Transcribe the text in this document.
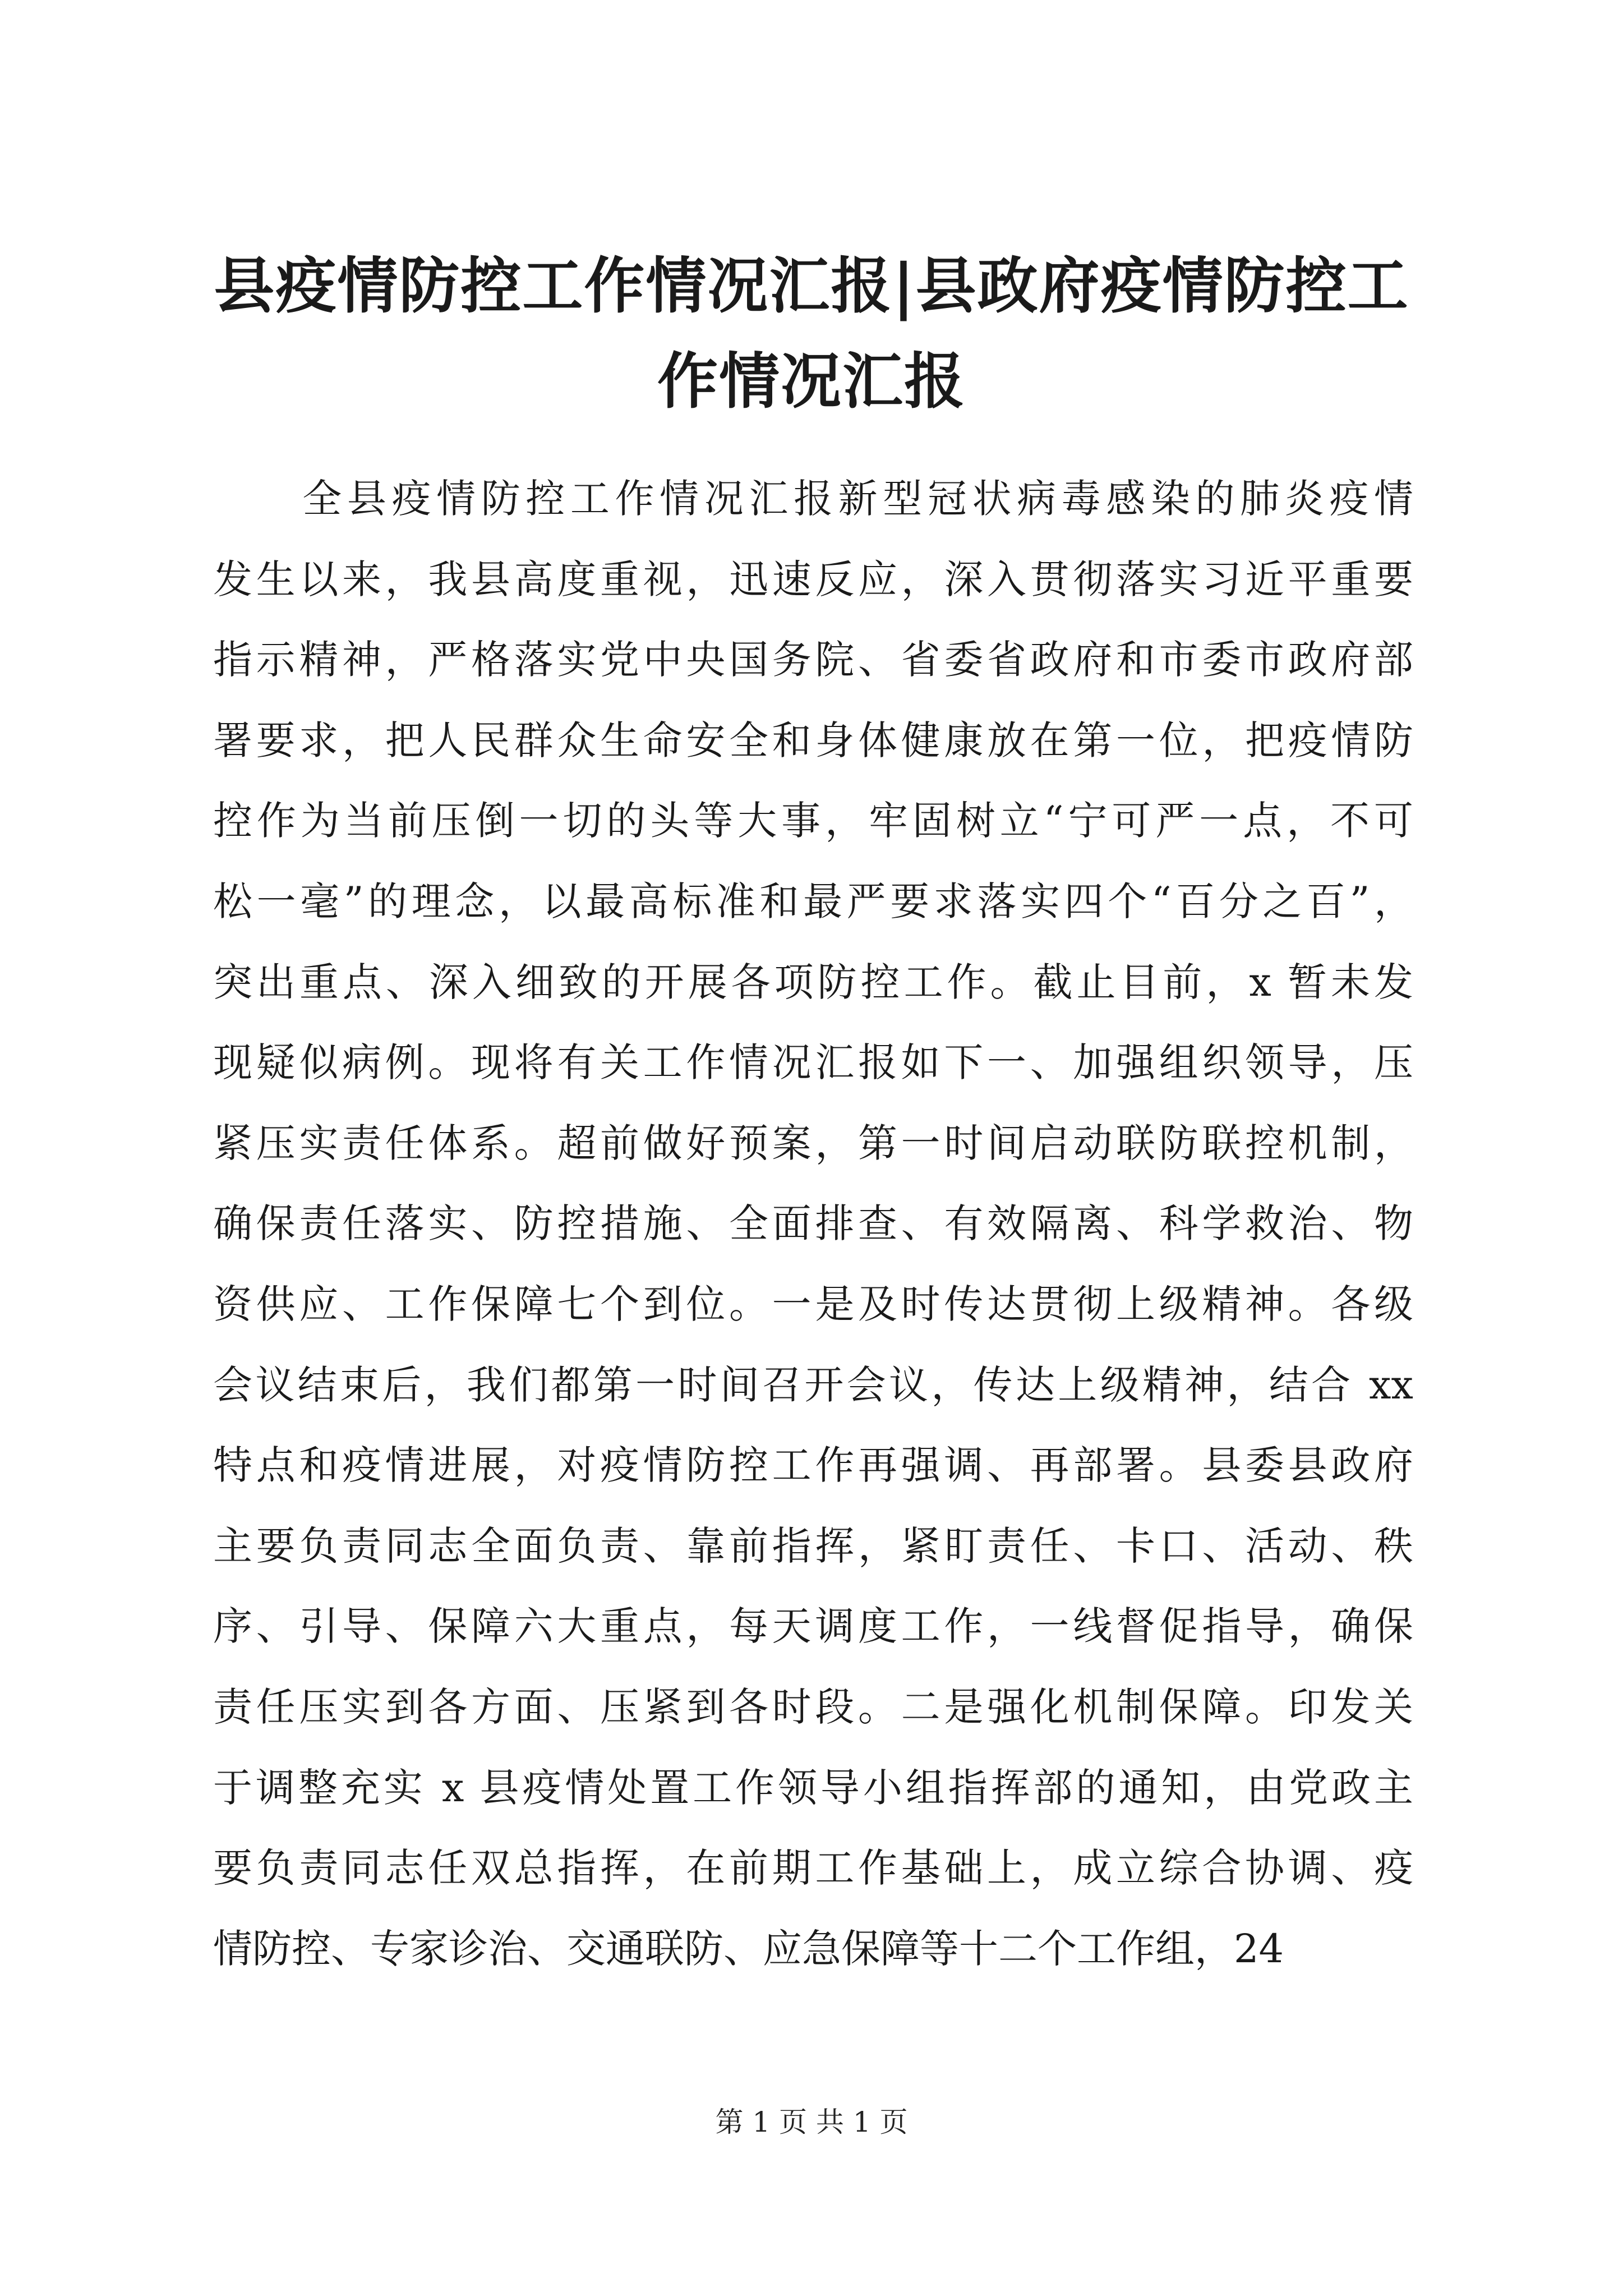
县疫情防控工作情况汇报|县政府疫情防控工
作情况汇报
　　全县疫情防控工作情况汇报新型冠状病毒感染的肺炎疫情
发生以来，我县高度重视，迅速反应，深入贯彻落实习近平重要
指示精神，严格落实党中央国务院、省委省政府和市委市政府部
署要求，把人民群众生命安全和身体健康放在第一位，把疫情防
控作为当前压倒一切的头等大事，牢固树立“宁可严一点，不可
松一毫”的理念，以最高标准和最严要求落实四个“百分之百”，
突出重点、深入细致的开展各项防控工作。截止目前，x 暂未发
现疑似病例。现将有关工作情况汇报如下一、加强组织领导，压
紧压实责任体系。超前做好预案，第一时间启动联防联控机制，
确保责任落实、防控措施、全面排查、有效隔离、科学救治、物
资供应、工作保障七个到位。一是及时传达贯彻上级精神。各级
会议结束后，我们都第一时间召开会议，传达上级精神，结合 xx
特点和疫情进展，对疫情防控工作再强调、再部署。县委县政府
主要负责同志全面负责、靠前指挥，紧盯责任、卡口、活动、秩
序、引导、保障六大重点，每天调度工作，一线督促指导，确保
责任压实到各方面、压紧到各时段。二是强化机制保障。印发关
于调整充实 x 县疫情处置工作领导小组指挥部的通知，由党政主
要负责同志任双总指挥，在前期工作基础上，成立综合协调、疫
情防控、专家诊治、交通联防、应急保障等十二个工作组，24
第 1 页 共 1 页
